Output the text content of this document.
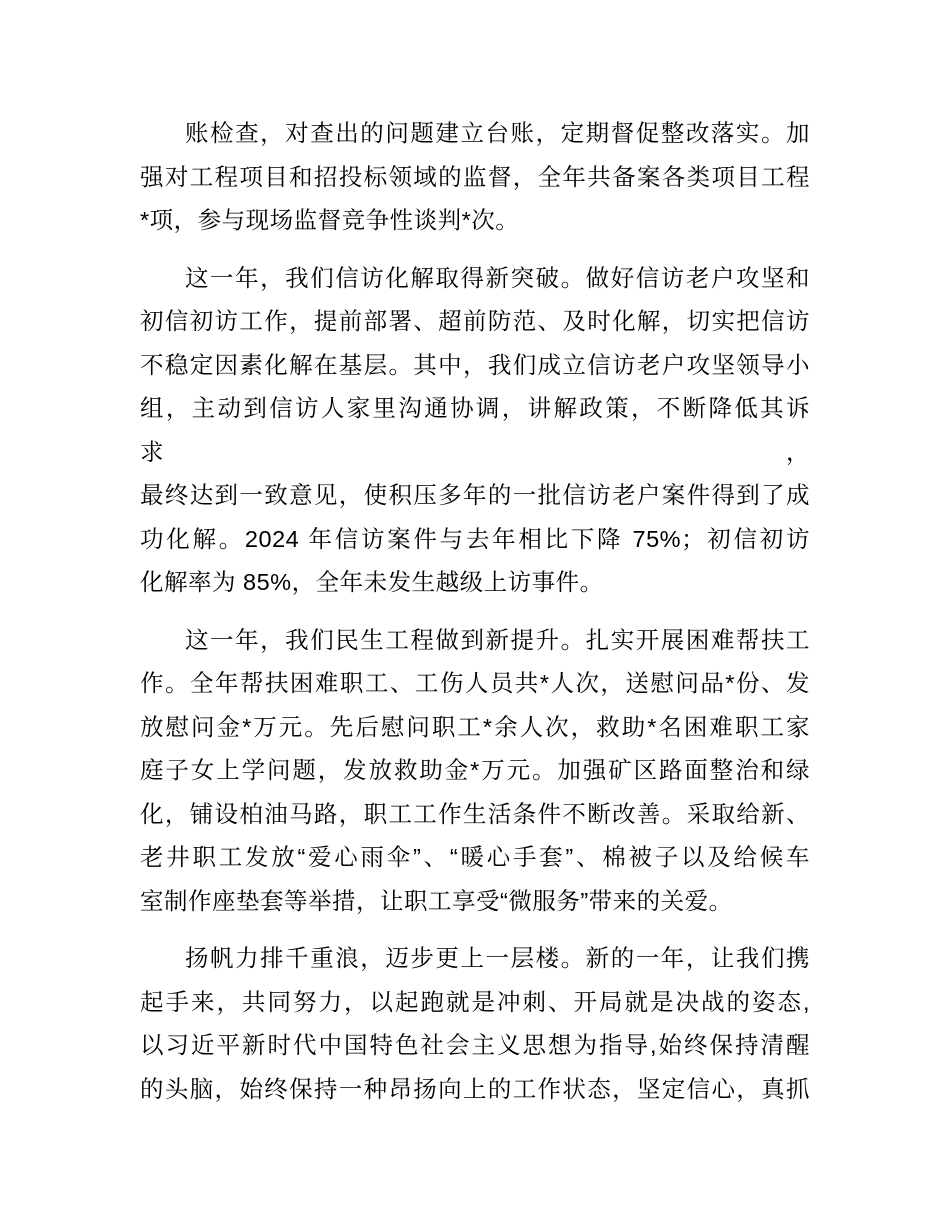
账检查，对查出的问题建立台账，定期督促整改落实。加
强对工程项目和招投标领域的监督，全年共备案各类项目工程
*项，参与现场监督竞争性谈判*次。
这一年，我们信访化解取得新突破。做好信访老户攻坚和
初信初访工作，提前部署、超前防范、及时化解，切实把信访
不稳定因素化解在基层。其中，我们成立信访老户攻坚领导小
组，主动到信访人家里沟通协调，讲解政策，不断降低其诉求，
最终达到一致意见，使积压多年的一批信访老户案件得到了成
功化解。2024 年信访案件与去年相比下降 75%；初信初访
化解率为 85%，全年未发生越级上访事件。
这一年，我们民生工程做到新提升。扎实开展困难帮扶工
作。全年帮扶困难职工、工伤人员共*人次，送慰问品*份、发
放慰问金*万元。先后慰问职工*余人次，救助*名困难职工家
庭子女上学问题，发放救助金*万元。加强矿区路面整治和绿
化，铺设柏油马路，职工工作生活条件不断改善。采取给新、
老井职工发放“爱心雨伞”、“暖心手套”、棉被子以及给候车
室制作座垫套等举措，让职工享受“微服务”带来的关爱。
扬帆力排千重浪，迈步更上一层楼。新的一年，让我们携
起手来，共同努力，以起跑就是冲刺、开局就是决战的姿态,
以习近平新时代中国特色社会主义思想为指导,始终保持清醒
的头脑，始终保持一种昂扬向上的工作状态，坚定信心，真抓
